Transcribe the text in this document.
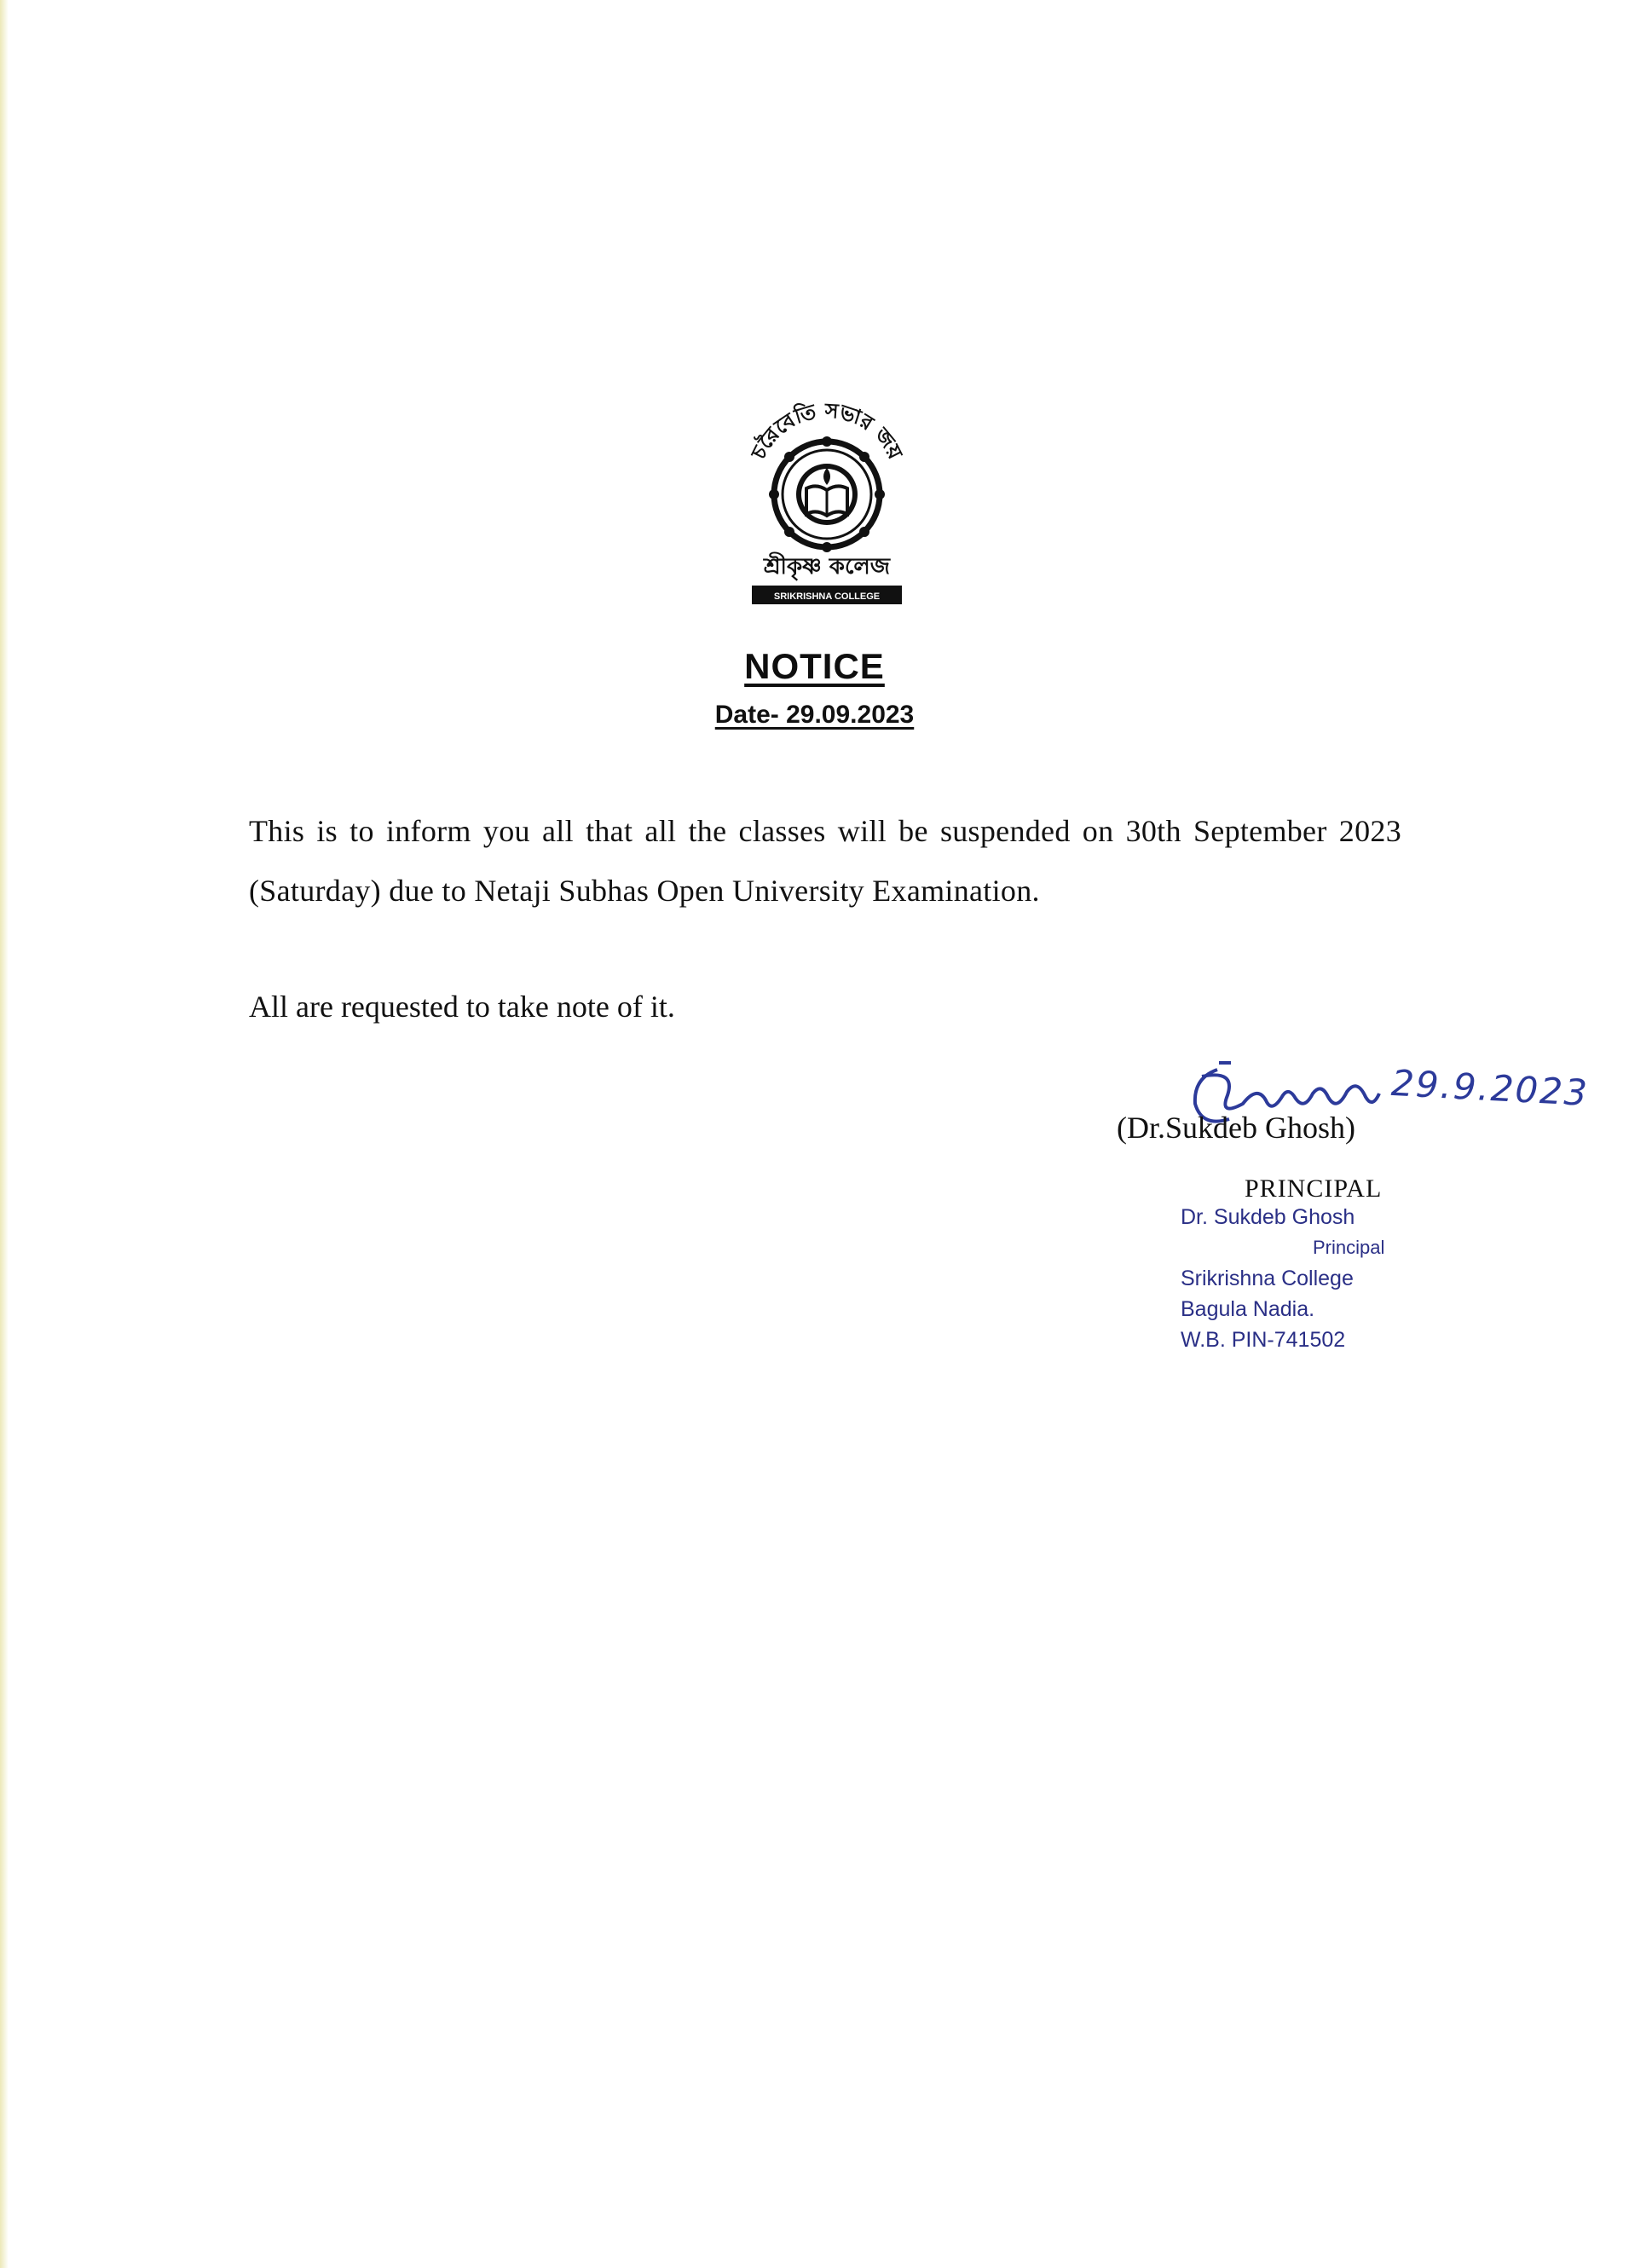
চরৈবেতি সভার জয়
শ্রীকৃষ্ণ কলেজ
SRIKRISHNA COLLEGE
NOTICE
Date- 29.09.2023
This is to inform you all that all the classes will be suspended on 30th September 2023 (Saturday) due to Netaji Subhas Open University Examination.
All are requested to take note of it.
Sukdeb Ghosh
29.9.2023
(Dr.Sukdeb Ghosh)
PRINCIPAL
Dr. Sukdeb Ghosh
Principal
Srikrishna College
Bagula Nadia.
W.B. PIN-741502
